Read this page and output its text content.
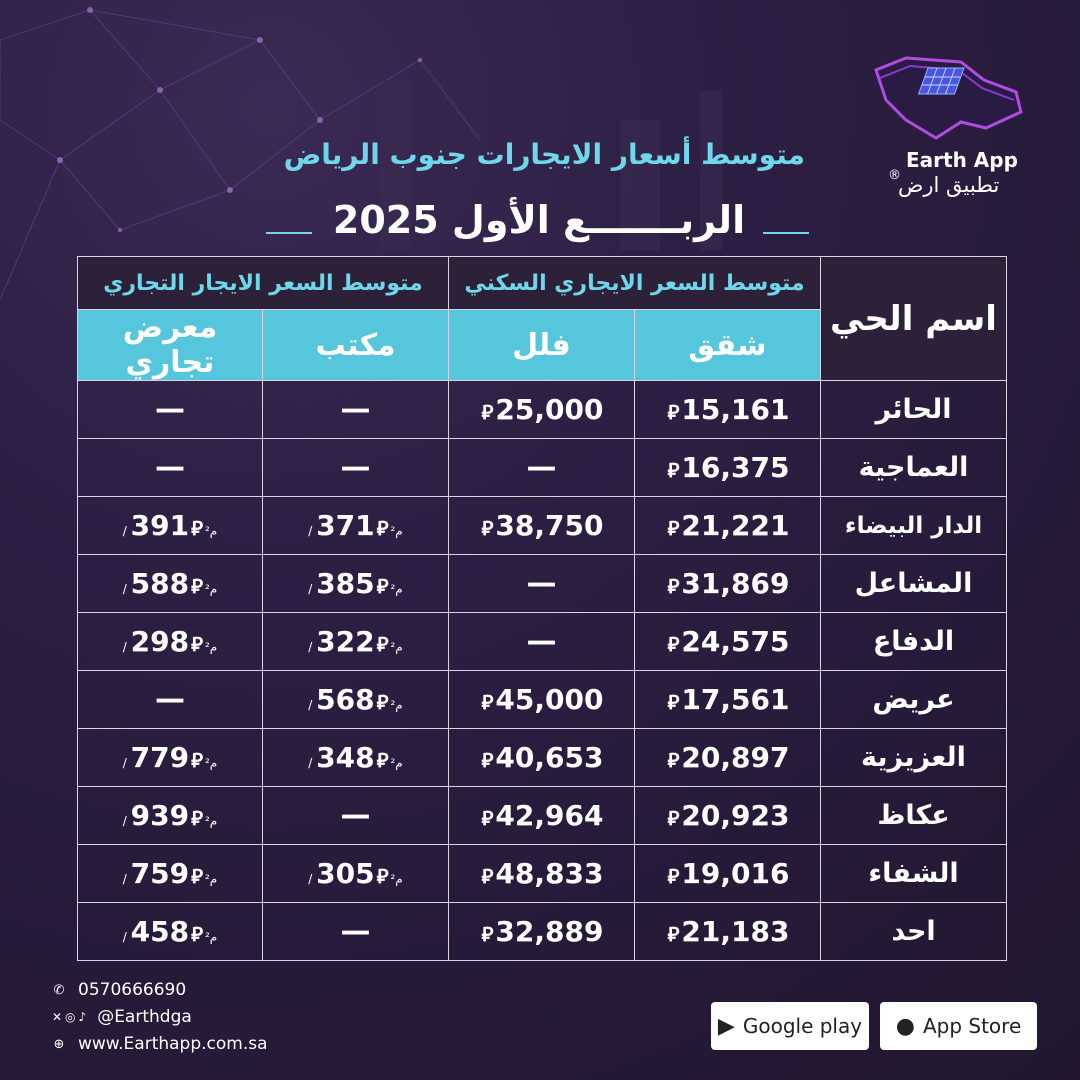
®
Earth App
تطبيق ارض
متوسط أسعار الايجارات جنوب الرياض
الربـــــــع الأول 2025
اسم الحي	متوسط السعر الايجاري السكني		متوسط السعر الايجار التجاري	
	شقق	فلل	مكتب	معرض تجاري
الحائر	⃁15,161	⃁25,000	—	—
العماجية	⃁16,375	—	—	—
الدار البيضاء	⃁21,221	⃁38,750	/ م²⃁371	/ م²⃁391
المشاعل	⃁31,869	—	/ م²⃁385	/ م²⃁588
الدفاع	⃁24,575	—	/ م²⃁322	/ م²⃁298
عريض	⃁17,561	⃁45,000	/ م²⃁568	—
العزيزية	⃁20,897	⃁40,653	/ م²⃁348	/ م²⃁779
عكاظ	⃁20,923	⃁42,964	—	/ م²⃁939
الشفاء	⃁19,016	⃁48,833	/ م²⃁305	/ م²⃁759
احد	⃁21,183	⃁32,889	—	/ م²⃁458
✆ 0570666690
✕◎♪ @Earthdga
⊕ www.Earthapp.com.sa
▶ Google play ● App Store
